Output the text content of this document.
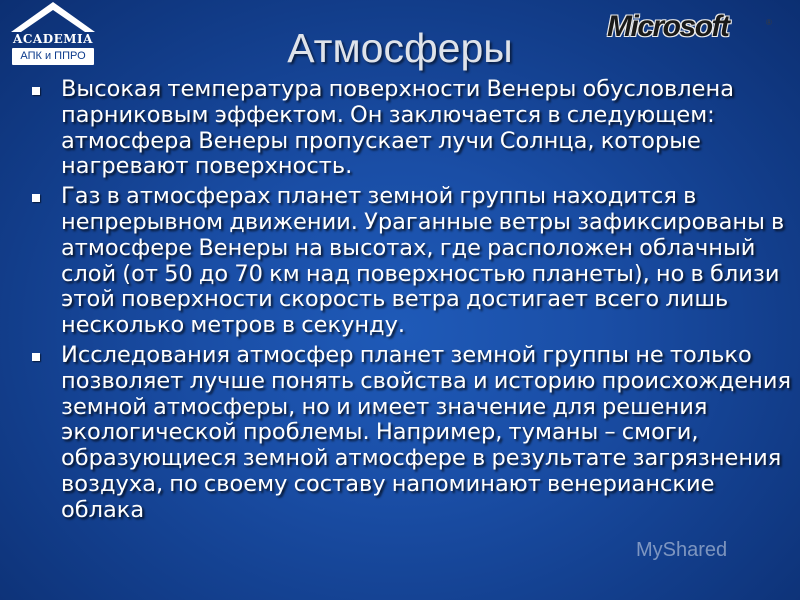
ACADEMIA
АПК и ППРО
Microsoft	®
Атмосферы
Высокая температура поверхности Венеры обусловлена парниковым эффектом. Он заключается в следующем: атмосфера Венеры пропускает лучи Солнца, которые нагревают поверхность.
Газ в атмосферах планет земной группы находится в непрерывном движении. Ураганные ветры зафиксированы в атмосфере Венеры на высотах, где расположен облачный слой (от 50 до 70 км над поверхностью планеты), но в близи этой поверхности скорость ветра достигает всего лишь несколько метров в секунду.
Исследования атмосфер планет земной группы не только позволяет лучше понять свойства и историю происхождения земной атмосферы, но и имеет значение для решения экологической проблемы. Например, туманы – смоги, образующиеся земной атмосфере в результате загрязнения воздуха, по своему составу напоминают венерианские облака
MyShared
